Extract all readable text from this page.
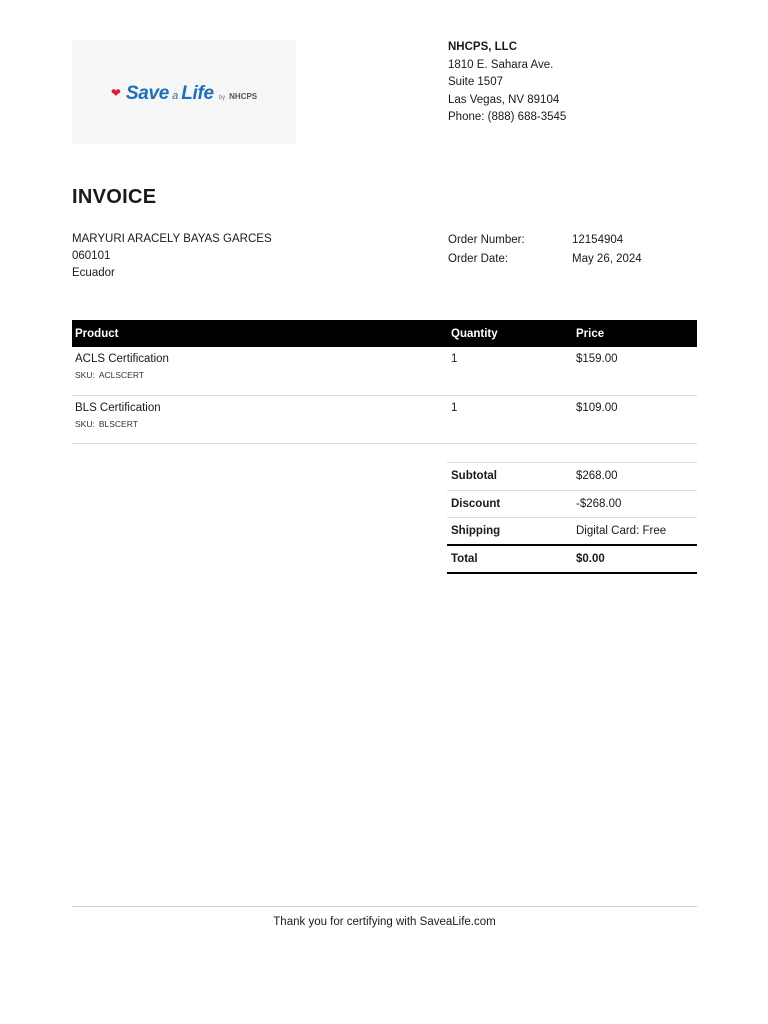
❤ Save a Life by NHCPS
NHCPS, LLC
1810 E. Sahara Ave.
Suite 1507
Las Vegas, NV 89104
Phone: (888) 688-3545
INVOICE
MARYURI ARACELY BAYAS GARCES
060101
Ecuador
Order Number:	12154904
Order Date:	May 26, 2024
Product	Quantity	Price

ACLS Certification
SKU: ACLSCERT	1	$159.00

BLS Certification
SKU: BLSCERT	1	$109.00
Subtotal	$268.00
Discount	-$268.00
Shipping	Digital Card: Free
Total	$0.00
Thank you for certifying with SaveaLife.com
